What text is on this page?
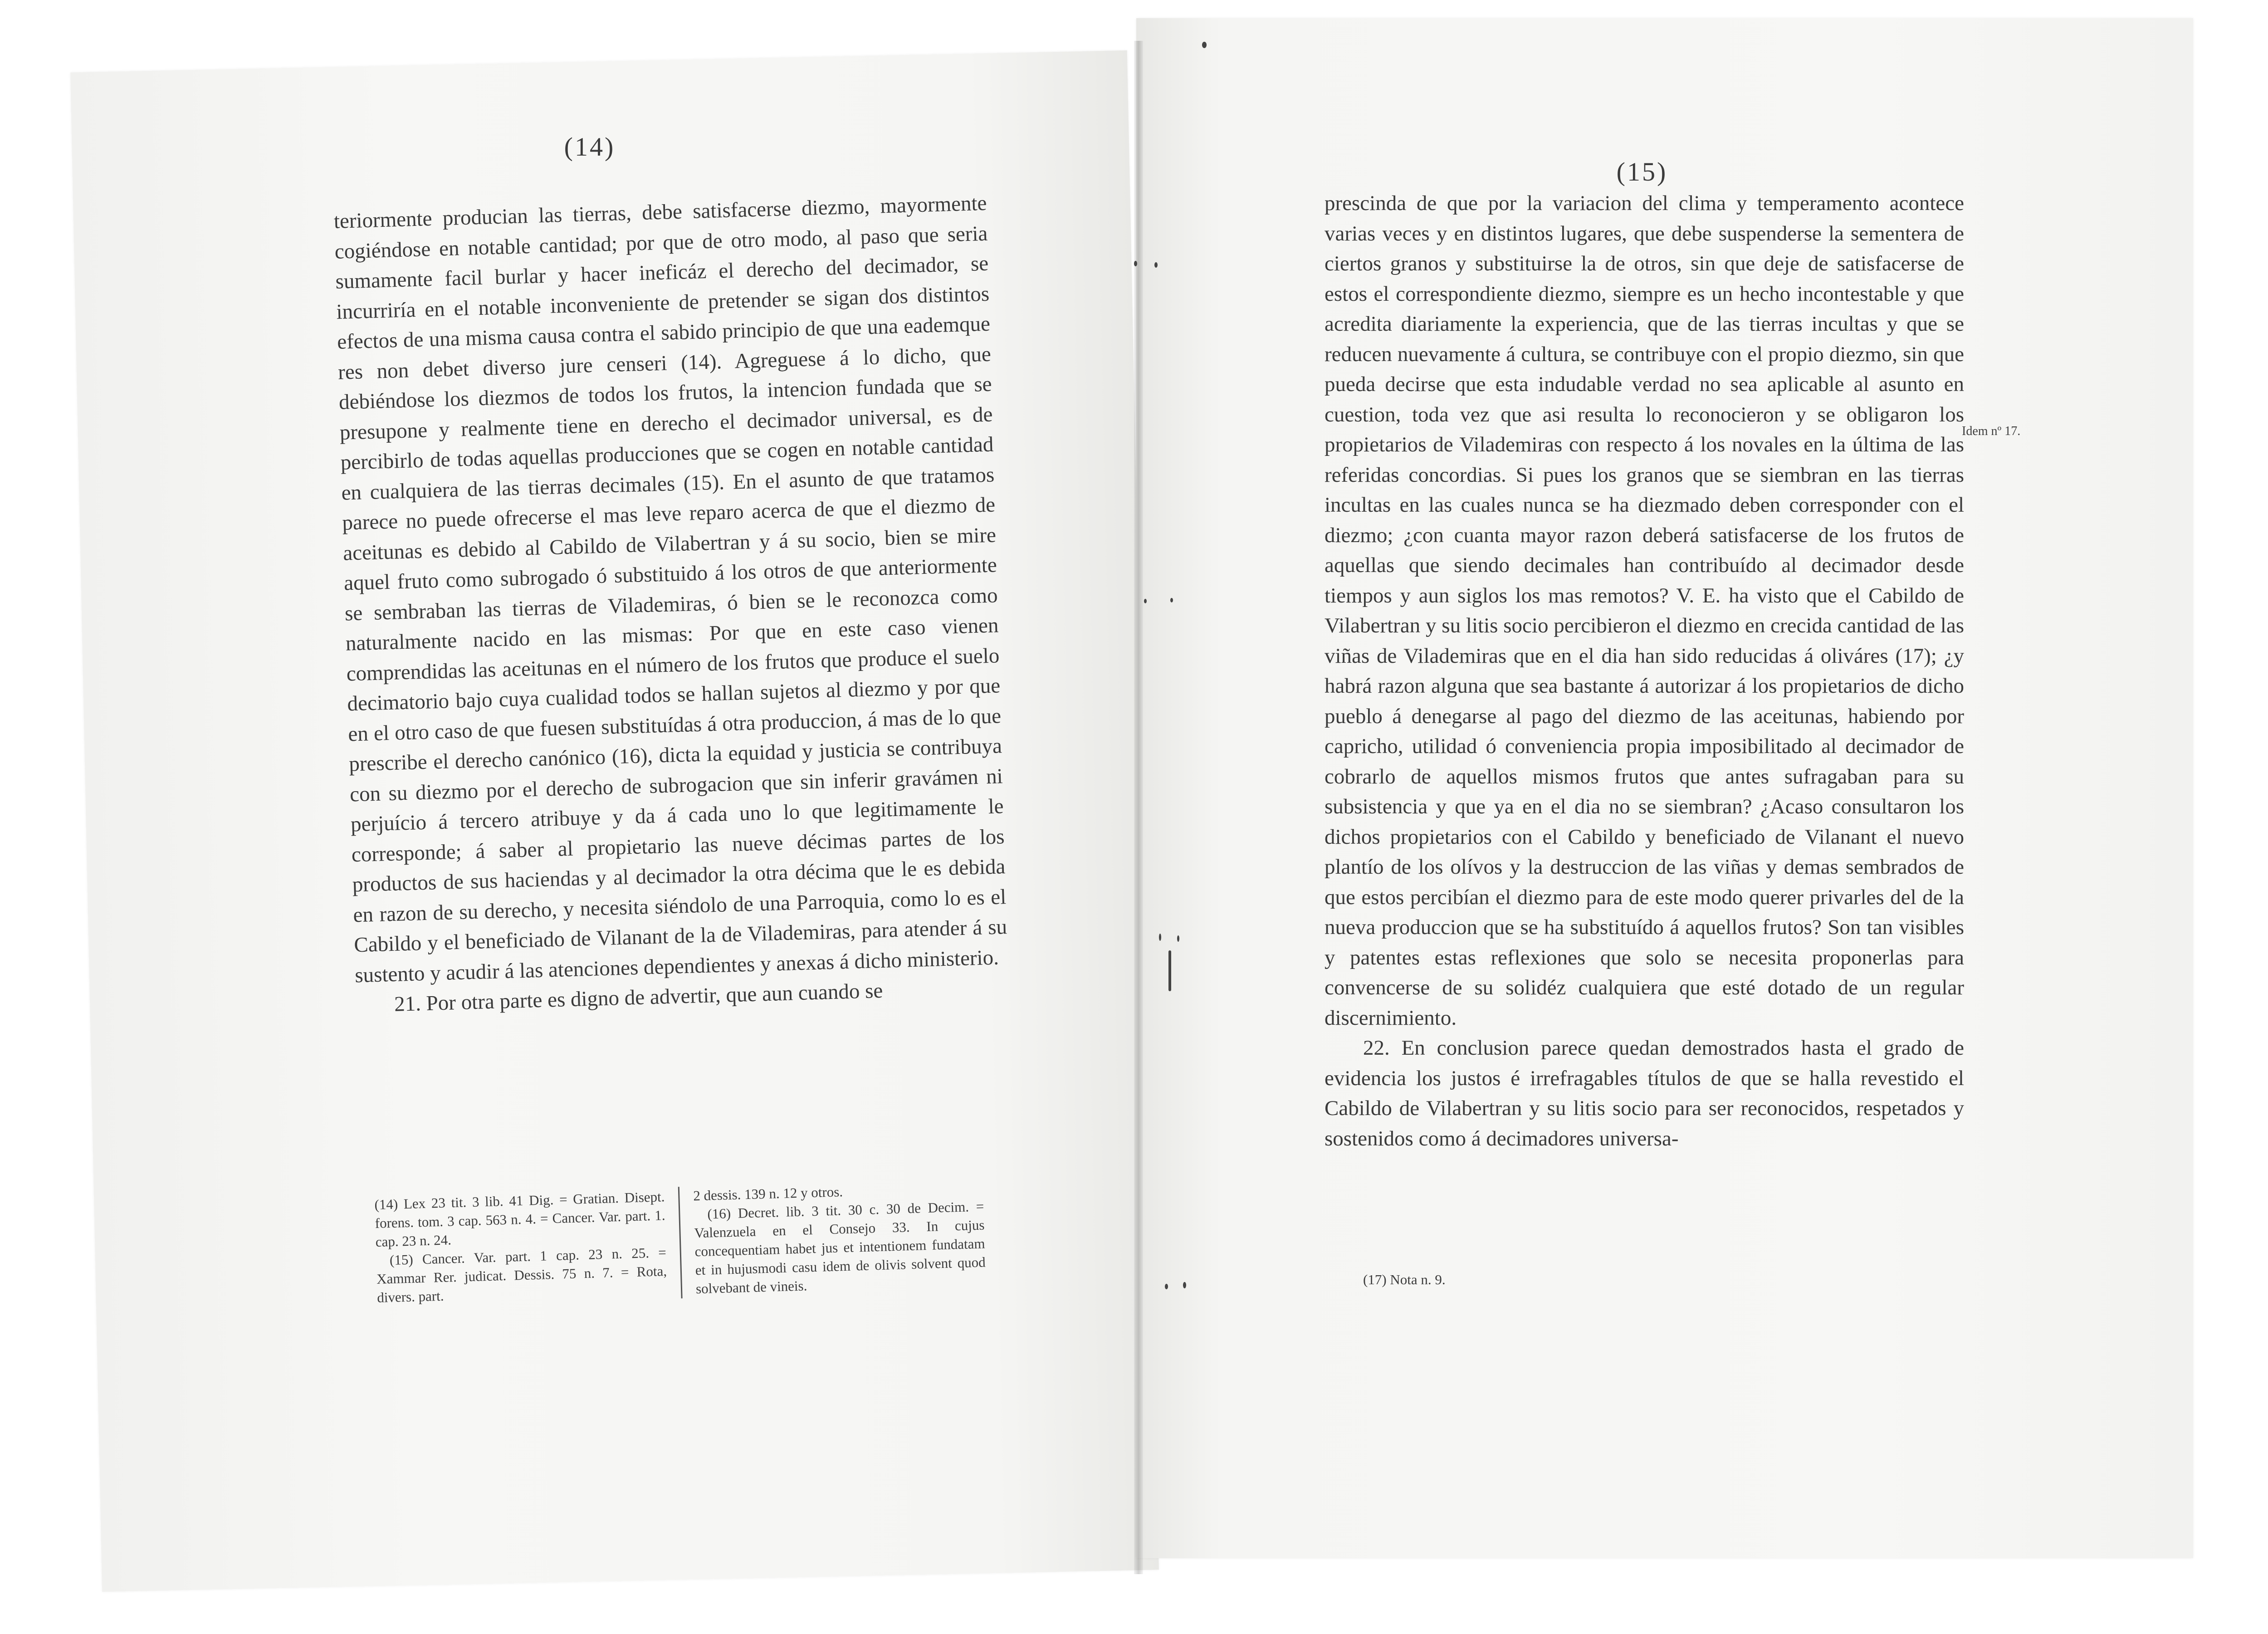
(14)

teriormente producian las tierras, debe satisfacerse diezmo, mayormente cogiéndose en notable cantidad; por que de otro modo, al paso que seria sumamente facil burlar y hacer ineficáz el derecho del decimador, se incurriría en el notable inconveniente de pretender se sigan dos distintos efectos de una misma causa contra el sabido principio de que una eademque res non debet diverso jure censeri (14). Agreguese á lo dicho, que debiéndose los diezmos de todos los frutos, la intencion fundada que se presupone y realmente tiene en derecho el decimador universal, es de percibirlo de todas aquellas producciones que se cogen en notable cantidad en cualquiera de las tierras decimales (15). En el asunto de que tratamos parece no puede ofrecerse el mas leve reparo acerca de que el diezmo de aceitunas es debido al Cabildo de Vilabertran y á su socio, bien se mire aquel fruto como subrogado ó substituido á los otros de que anteriormente se sembraban las tierras de Vilademiras, ó bien se le reconozca como naturalmente nacido en las mismas: Por que en este caso vienen comprendidas las aceitunas en el número de los frutos que produce el suelo decimatorio bajo cuya cualidad todos se hallan sujetos al diezmo y por que en el otro caso de que fuesen substituídas á otra produccion, á mas de lo que prescribe el derecho canónico (16), dicta la equidad y justicia se contribuya con su diezmo por el derecho de subrogacion que sin inferir gravámen ni perjuício á tercero atribuye y da á cada uno lo que legitimamente le corresponde; á saber al propietario las nueve décimas partes de los productos de sus haciendas y al decimador la otra décima que le es debida en razon de su derecho, y necesita siéndolo de una Parroquia, como lo es el Cabildo y el beneficiado de Vilanant de la de Vilademiras, para atender á su sustento y acudir á las atenciones dependientes y anexas á dicho ministerio.

21. Por otra parte es digno de advertir, que aun cuando se

(14) Lex 23 tit. 3 lib. 41 Dig. = Gratian. Disept. forens. tom. 3 cap. 563 n. 4. = Cancer. Var. part. 1. cap. 23 n. 24.

(15) Cancer. Var. part. 1 cap. 23 n. 25. = Xammar Rer. judicat. Dessis. 75 n. 7. = Rota, divers. part.

2 dessis. 139 n. 12 y otros.

(16) Decret. lib. 3 tit. 30 c. 30 de Decim. = Valenzuela en el Consejo 33. In cujus concequentiam habet jus et intentionem fundatam et in hujusmodi casu idem de olivis solvent quod solvebant de vineis.

(15)

prescinda de que por la variacion del clima y temperamento acontece varias veces y en distintos lugares, que debe suspenderse la sementera de ciertos granos y substituirse la de otros, sin que deje de satisfacerse de estos el correspondiente diezmo, siempre es un hecho incontestable y que acredita diariamente la experiencia, que de las tierras incultas y que se reducen nuevamente á cultura, se contribuye con el propio diezmo, sin que pueda decirse que esta indudable verdad no sea aplicable al asunto en cuestion, toda vez que asi resulta lo reconocieron y se obligaron los propietarios de Vilademiras con respecto á los novales en la última de las referidas concordias. Si pues los granos que se siembran en las tierras incultas en las cuales nunca se ha diezmado deben corresponder con el diezmo; ¿con cuanta mayor razon deberá satisfacerse de los frutos de aquellas que siendo decimales han contribuído al decimador desde tiempos y aun siglos los mas remotos? V. E. ha visto que el Cabildo de Vilabertran y su litis socio percibieron el diezmo en crecida cantidad de las viñas de Vilademiras que en el dia han sido reducidas á oliváres (17); ¿y habrá razon alguna que sea bastante á autorizar á los propietarios de dicho pueblo á denegarse al pago del diezmo de las aceitunas, habiendo por capricho, utilidad ó conveniencia propia imposibilitado al decimador de cobrarlo de aquellos mismos frutos que antes sufragaban para su subsistencia y que ya en el dia no se siembran? ¿Acaso consultaron los dichos propietarios con el Cabildo y beneficiado de Vilanant el nuevo plantío de los olívos y la destruccion de las viñas y demas sembrados de que estos percibían el diezmo para de este modo querer privarles del de la nueva produccion que se ha substituído á aquellos frutos? Son tan visibles y patentes estas reflexiones que solo se necesita proponerlas para convencerse de su solidéz cualquiera que esté dotado de un regular discernimiento.

22. En conclusion parece quedan demostrados hasta el grado de evidencia los justos é irrefragables títulos de que se halla revestido el Cabildo de Vilabertran y su litis socio para ser reconocidos, respetados y sostenidos como á decimadores universa-

Idem nº 17.
(17) Nota n. 9.
